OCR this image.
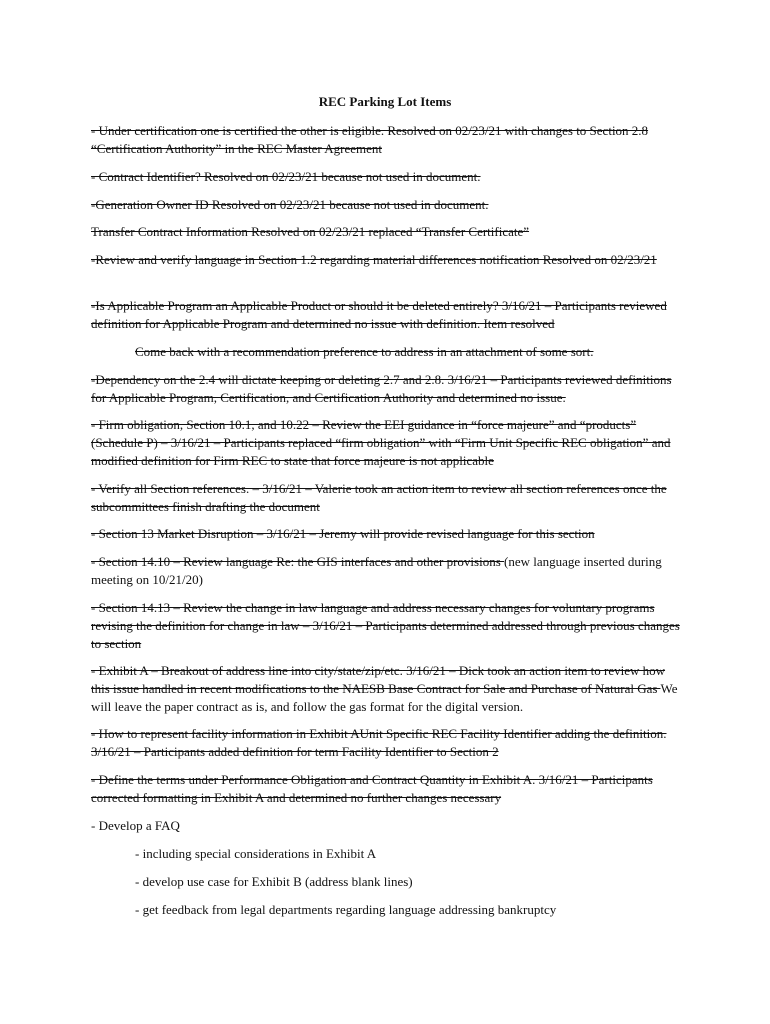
REC Parking Lot Items
- Under certification one is certified the other is eligible. Resolved on 02/23/21 with changes to Section 2.8 “Certification Authority” in the REC Master Agreement
- Contract Identifier? Resolved on 02/23/21 because not used in document.
-Generation Owner ID Resolved on 02/23/21 because not used in document.
Transfer Contract Information Resolved on 02/23/21 replaced “Transfer Certificate”
-Review and verify language in Section 1.2 regarding material differences notification Resolved on 02/23/21
-Is Applicable Program an Applicable Product or should it be deleted entirely? 3/16/21 – Participants reviewed definition for Applicable Program and determined no issue with definition. Item resolved
Come back with a recommendation preference to address in an attachment of some sort.
-Dependency on the 2.4 will dictate keeping or deleting 2.7 and 2.8. 3/16/21 – Participants reviewed definitions for Applicable Program, Certification, and Certification Authority and determined no issue.
- Firm obligation, Section 10.1, and 10.22 – Review the EEI guidance in “force majeure” and “products” (Schedule P) – 3/16/21 – Participants replaced “firm obligation” with “Firm Unit Specific REC obligation” and modified definition for Firm REC to state that force majeure is not applicable
- Verify all Section references. – 3/16/21 – Valerie took an action item to review all section references once the subcommittees finish drafting the document
- Section 13 Market Disruption – 3/16/21 – Jeremy will provide revised language for this section
- Section 14.10 – Review language Re: the GIS interfaces and other provisions (new language inserted during meeting on 10/21/20)
- Section 14.13 – Review the change in law language and address necessary changes for voluntary programs revising the definition for change in law – 3/16/21 – Participants determined addressed through previous changes to section
- Exhibit A – Breakout of address line into city/state/zip/etc. 3/16/21 – Dick took an action item to review how this issue handled in recent modifications to the NAESB Base Contract for Sale and Purchase of Natural Gas We will leave the paper contract as is, and follow the gas format for the digital version.
- How to represent facility information in Exhibit AUnit Specific REC Facility Identifier adding the definition. 3/16/21 – Participants added definition for term Facility Identifier to Section 2
- Define the terms under Performance Obligation and Contract Quantity in Exhibit A. 3/16/21 – Participants corrected formatting in Exhibit A and determined no further changes necessary
- Develop a FAQ
- including special considerations in Exhibit A
- develop use case for Exhibit B (address blank lines)
- get feedback from legal departments regarding language addressing bankruptcy
